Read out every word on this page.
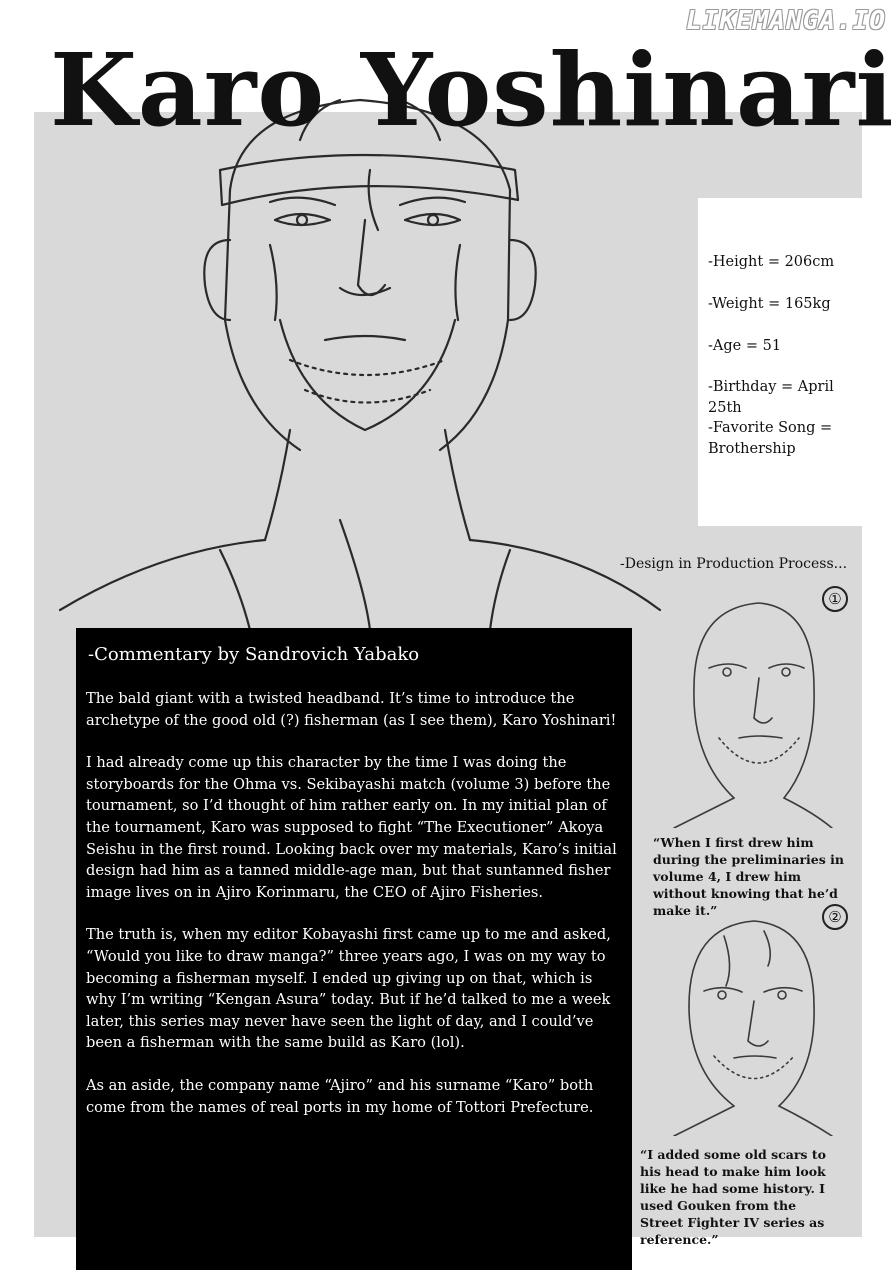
LIKEMANGA.IO
Karo Yoshinari
-Height = 206cm
-Weight = 165kg
-Age = 51
-Birthday = April 25th
-Favorite Song = Brothership
-Design in Production Process...
①
“When I first drew him during the preliminaries in volume 4, I drew him without knowing that he’d make it.”	②
“I added some old scars to his head to make him look like he had some history. I used Gouken from the Street Fighter IV series as reference.”
-Commentary by Sandrovich Yabako

The bald giant with a twisted headband. It’s time to introduce the archetype of the good old (?) fisherman (as I see them), Karo Yoshinari!

I had already come up this character by the time I was doing the storyboards for the Ohma vs. Sekibayashi match (volume 3) before the tournament, so I’d thought of him rather early on. In my initial plan of the tournament, Karo was supposed to fight “The Executioner” Akoya Seishu in the first round. Looking back over my materials, Karo’s initial design had him as a tanned middle-age man, but that suntanned fisher image lives on in Ajiro Korinmaru, the CEO of Ajiro Fisheries.

The truth is, when my editor Kobayashi first came up to me and asked, “Would you like to draw manga?” three years ago, I was on my way to becoming a fisherman myself. I ended up giving up on that, which is why I’m writing “Kengan Asura” today. But if he’d talked to me a week later, this series may never have seen the light of day, and I could’ve been a fisherman with the same build as Karo (lol).

As an aside, the company name “Ajiro” and his surname “Karo” both come from the names of real ports in my home of Tottori Prefecture.
